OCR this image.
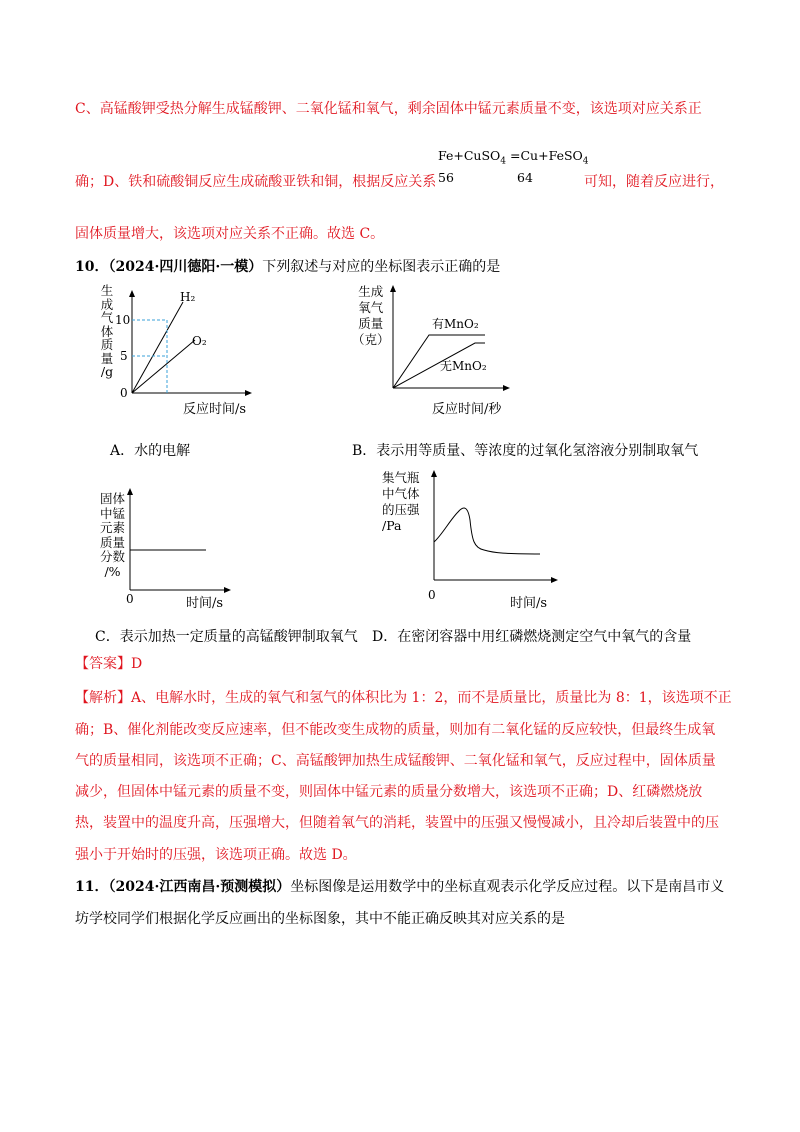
C、高锰酸钾受热分解生成锰酸钾、二氧化锰和氧气，剩余固体中锰元素质量不变，该选项对应关系正
Fe+CuSO$_4$ =Cu+FeSO$_4$
确；D、铁和硫酸铜反应生成硫酸亚铁和铜，根据反应关系 56	64	可知，随着反应进行，
固体质量增大，该选项对应关系不正确。故选 C。
10．（2024·四川德阳·一模）下列叙述与对应的坐标图表示正确的是
生
成
气
体
质
量
/g
10
5
0
H₂
O₂
反应时间/s
生成
氧气
质量
（克）
有MnO₂
无MnO₂
反应时间/秒
A．水的电解	B．表示用等质量、等浓度的过氧化氢溶液分别制取氧气
固体
中锰
元素
质量
分数
/%
0	时间/s
集气瓶
中气体
的压强
/Pa
0
时间/s
C．表示加热一定质量的高锰酸钾制取氧气 D．在密闭容器中用红磷燃烧测定空气中氧气的含量
【答案】D
【解析】A、电解水时，生成的氧气和氢气的体积比为 1：2，而不是质量比，质量比为 8：1，该选项不正
确；B、催化剂能改变反应速率，但不能改变生成物的质量，则加有二氧化锰的反应较快，但最终生成氧
气的质量相同，该选项不正确；C、高锰酸钾加热生成锰酸钾、二氧化锰和氧气，反应过程中，固体质量
减少，但固体中锰元素的质量不变，则固体中锰元素的质量分数增大，该选项不正确；D、红磷燃烧放
热，装置中的温度升高，压强增大，但随着氧气的消耗，装置中的压强又慢慢减小，且冷却后装置中的压
强小于开始时的压强，该选项正确。故选 D。
11．（2024·江西南昌·预测模拟）坐标图像是运用数学中的坐标直观表示化学反应过程。以下是南昌市义
坊学校同学们根据化学反应画出的坐标图象，其中不能正确反映其对应关系的是
